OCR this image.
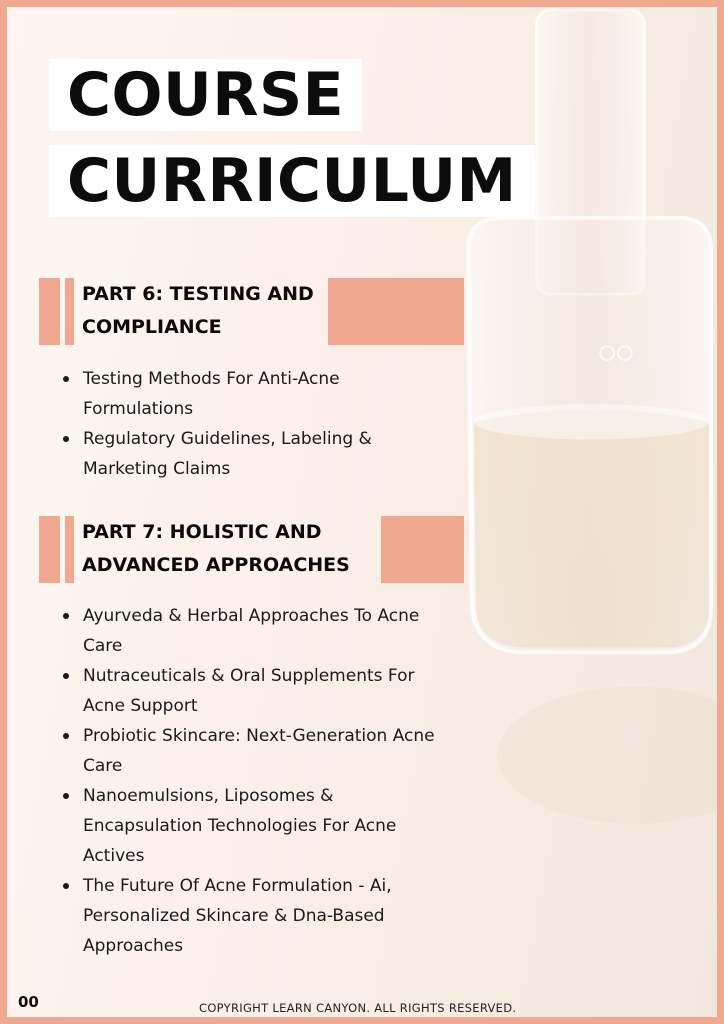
COURSE
CURRICULUM
PART 6: TESTING AND
COMPLIANCE
Testing Methods For Anti-Acne Formulations
Regulatory Guidelines, Labeling & Marketing Claims
PART 7: HOLISTIC AND
ADVANCED APPROACHES
Ayurveda & Herbal Approaches To Acne Care
Nutraceuticals & Oral Supplements For Acne Support
Probiotic Skincare: Next-Generation Acne Care
Nanoemulsions, Liposomes & Encapsulation Technologies For Acne Actives
The Future Of Acne Formulation - Ai, Personalized Skincare & Dna-Based Approaches
00	COPYRIGHT LEARN CANYON. ALL RIGHTS RESERVED.
